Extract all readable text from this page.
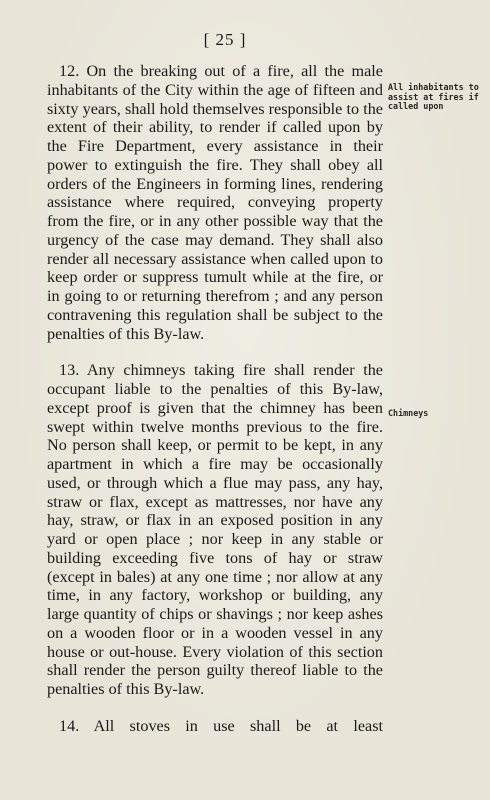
[ 25 ]

12. On the breaking out of a fire, all the male inhabitants of the City within the age of fifteen and sixty years, shall hold themselves responsible to the extent of their ability, to render if called upon by the Fire Department, every assistance in their power to extinguish the fire. They shall obey all orders of the Engineers in forming lines, rendering assistance where required, conveying property from the fire, or in any other possible way that the urgency of the case may demand. They shall also render all necessary assistance when called upon to keep order or suppress tumult while at the fire, or in going to or returning therefrom ; and any person contravening this regulation shall be subject to the penalties of this By-law.

13. Any chimneys taking fire shall render the occupant liable to the penalties of this By-law, except proof is given that the chimney has been swept within twelve months previous to the fire. No person shall keep, or permit to be kept, in any apartment in which a fire may be occasionally used, or through which a flue may pass, any hay, straw or flax, except as mattresses, nor have any hay, straw, or flax in an exposed position in any yard or open place ; nor keep in any stable or building exceeding five tons of hay or straw (except in bales) at any one time ; nor allow at any time, in any factory, workshop or building, any large quantity of chips or shavings ; nor keep ashes on a wooden floor or in a wooden vessel in any house or out-house. Every violation of this section shall render the person guilty thereof liable to the penalties of this By-law.

14. All stoves in use shall be at least

All inhabitants to assist at fires if called upon
Chimneys
